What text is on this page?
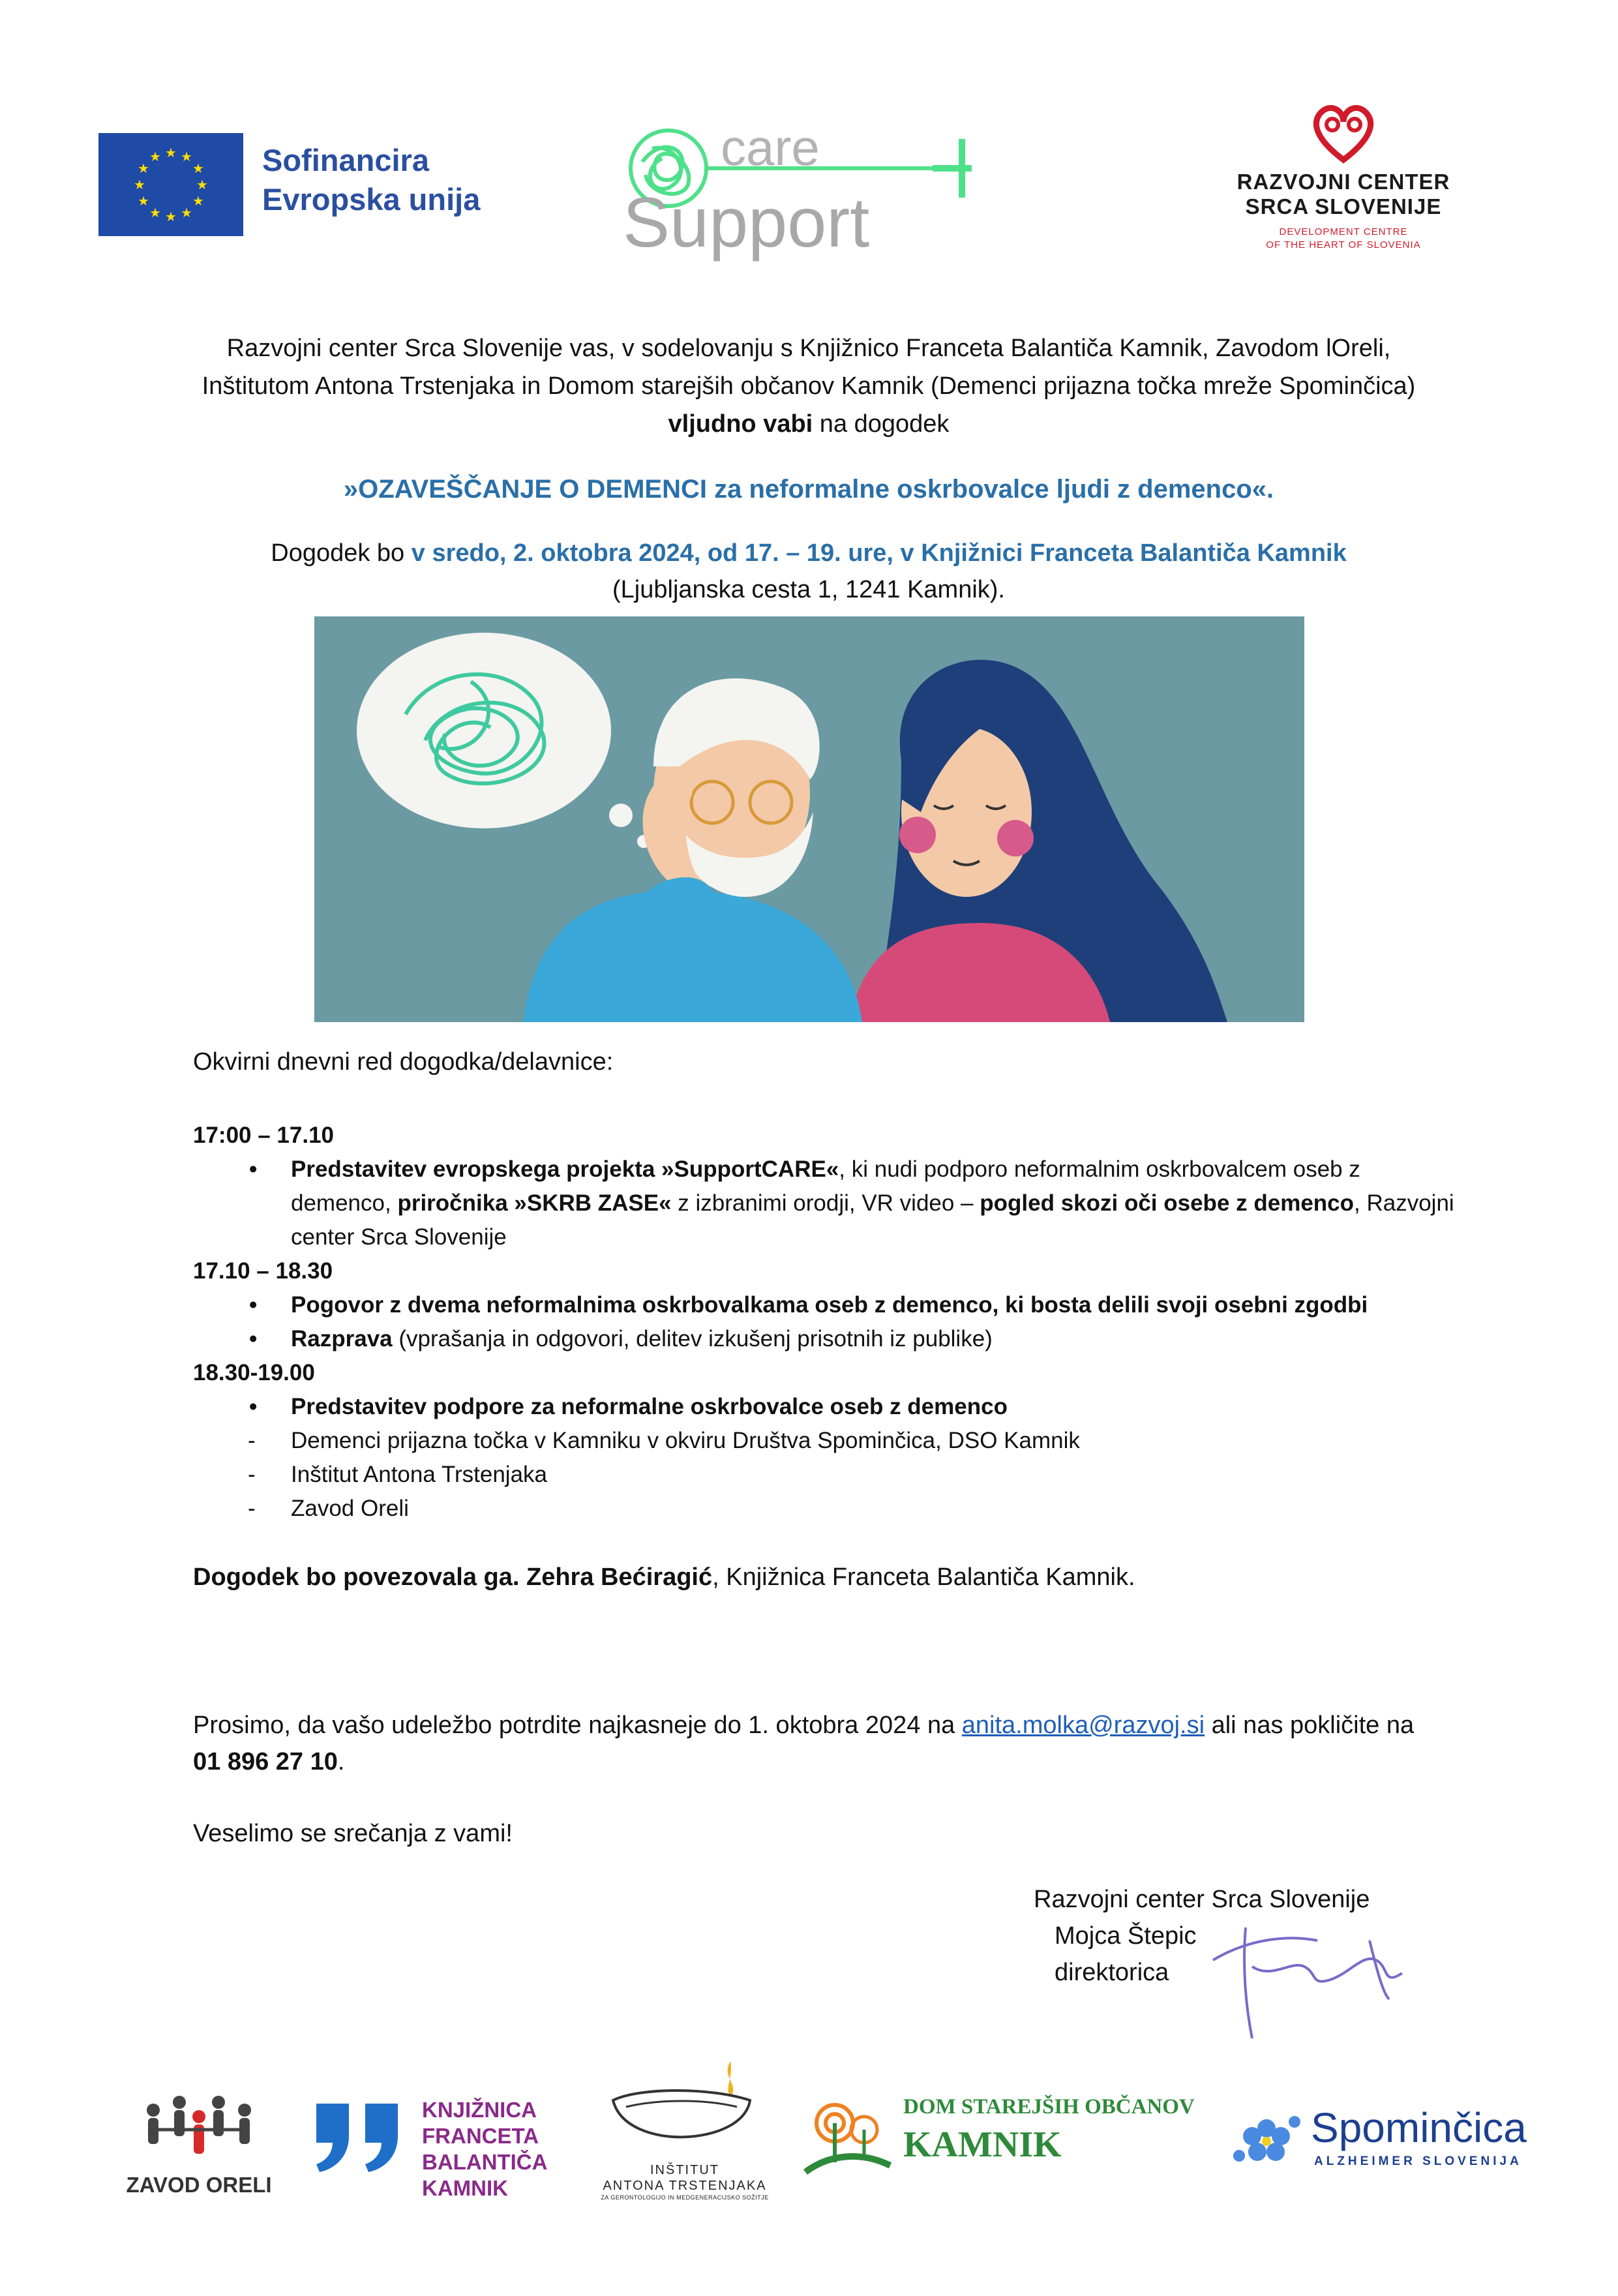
★ ★
★
★
★
★
★
★
★
★
★
★	Sofinancira
Evropska unija
care
Support
RAZVOJNI CENTER
SRCA SLOVENIJE
DEVELOPMENT CENTRE
OF THE HEART OF SLOVENIA
Razvojni center Srca Slovenije vas, v sodelovanju s Knjižnico Franceta Balantiča Kamnik, Zavodom lOreli, Inštitutom Antona Trstenjaka in Domom starejših občanov Kamnik (Demenci prijazna točka mreže Spominčica) vljudno vabi na dogodek
»OZAVEŠČANJE O DEMENCI za neformalne oskrbovalce ljudi z demenco«.
Dogodek bo v sredo, 2. oktobra 2024, od 17. – 19. ure, v Knjižnici Franceta Balantiča Kamnik
(Ljubljanska cesta 1, 1241 Kamnik).
Okvirni dnevni red dogodka/delavnice:
17:00 – 17.10
• Predstavitev evropskega projekta »SupportCARE«, ki nudi podporo neformalnim oskrbovalcem oseb z demenco, priročnika »SKRB ZASE« z izbranimi orodji, VR video – pogled skozi oči osebe z demenco, Razvojni center Srca Slovenije
17.10 – 18.30
• Pogovor z dvema neformalnima oskrbovalkama oseb z demenco, ki bosta delili svoji osebni zgodbi
• Razprava (vprašanja in odgovori, delitev izkušenj prisotnih iz publike)
18.30-19.00
• Predstavitev podpore za neformalne oskrbovalce oseb z demenco
- Demenci prijazna točka v Kamniku v okviru Društva Spominčica, DSO Kamnik
- Inštitut Antona Trstenjaka
- Zavod Oreli
Dogodek bo povezovala ga. Zehra Bećiragić, Knjižnica Franceta Balantiča Kamnik.
Prosimo, da vašo udeležbo potrdite najkasneje do 1. oktobra 2024 na anita.molka@razvoj.si ali nas pokličite na 01 896 27 10.
Veselimo se srečanja z vami!
Razvojni center Srca Slovenije
Mojca Štepic
direktorica
ZAVOD ORELI
KNJIŽNICA
FRANCETA
BALANTIČA
KAMNIK
INŠTITUT
ANTONA TRSTENJAKA
ZA GERONTOLOGIJO IN MEDGENERACIJSKO SOŽITJE
DOM STAREJŠIH OBČANOV
KAMNIK	Spominčica
ALZHEIMER SLOVENIJA
